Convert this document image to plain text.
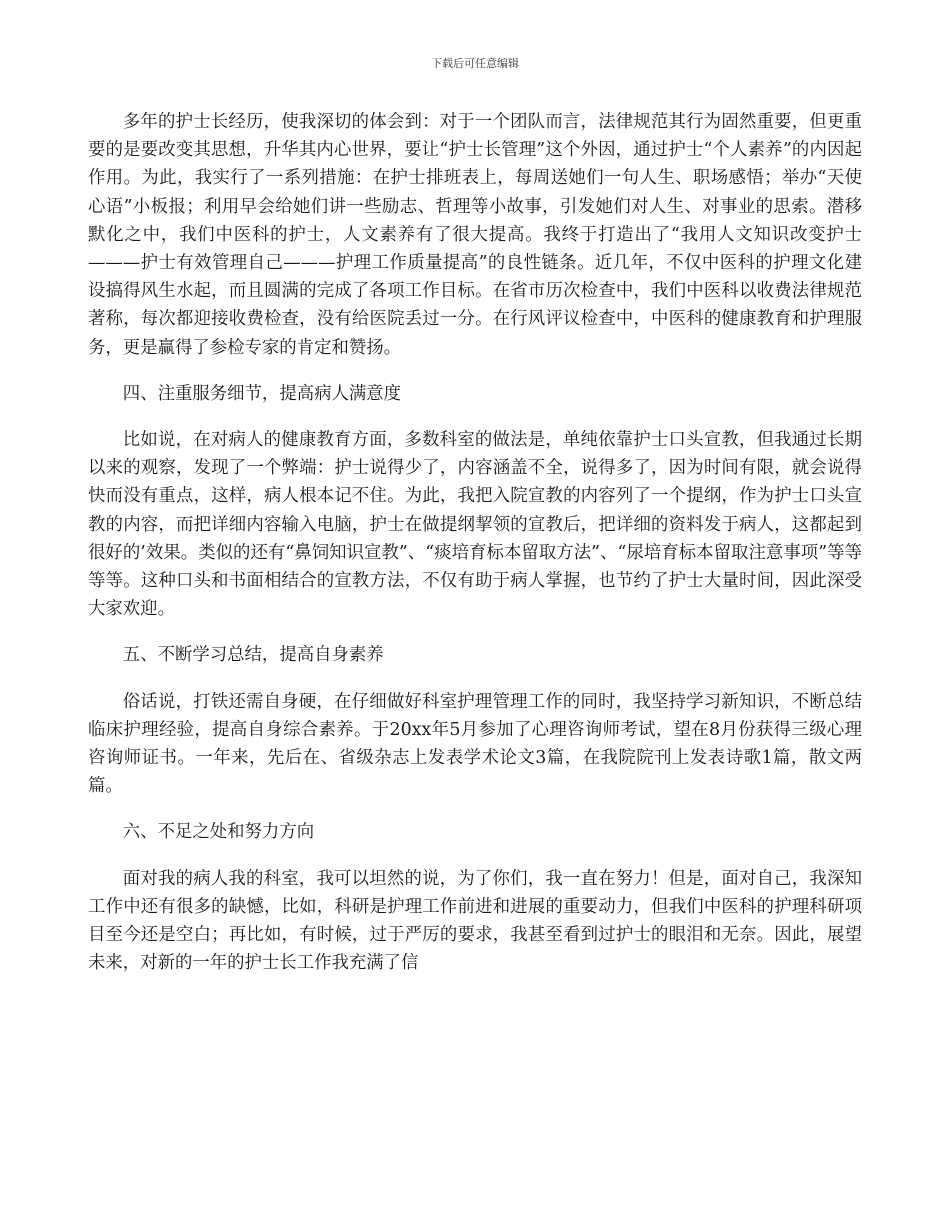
下载后可任意编辑

多年的护士长经历，使我深切的体会到：对于一个团队而言，法律规范其行为固然重要，但更重要的是要改变其思想，升华其内心世界，要让“护士长管理”这个外因，通过护士“个人素养”的内因起作用。为此，我实行了一系列措施：在护士排班表上，每周送她们一句人生、职场感悟；举办“天使心语”小板报；利用早会给她们讲一些励志、哲理等小故事，引发她们对人生、对事业的思索。潜移默化之中，我们中医科的护士，人文素养有了很大提高。我终于打造出了“我用人文知识改变护士———护士有效管理自己———护理工作质量提高”的良性链条。近几年，不仅中医科的护理文化建设搞得风生水起，而且圆满的完成了各项工作目标。在省市历次检查中，我们中医科以收费法律规范著称，每次都迎接收费检查，没有给医院丢过一分。在行风评议检查中，中医科的健康教育和护理服务，更是赢得了参检专家的肯定和赞扬。

四、注重服务细节，提高病人满意度

比如说，在对病人的健康教育方面，多数科室的做法是，单纯依靠护士口头宣教，但我通过长期以来的观察，发现了一个弊端：护士说得少了，内容涵盖不全，说得多了，因为时间有限，就会说得快而没有重点，这样，病人根本记不住。为此，我把入院宣教的内容列了一个提纲，作为护士口头宣教的内容，而把详细内容输入电脑，护士在做提纲挈领的宣教后，把详细的资料发于病人，这都起到很好的’效果。类似的还有“鼻饲知识宣教”、“痰培育标本留取方法”、“尿培育标本留取注意事项”等等等等。这种口头和书面相结合的宣教方法，不仅有助于病人掌握，也节约了护士大量时间，因此深受大家欢迎。

五、不断学习总结，提高自身素养

俗话说，打铁还需自身硬，在仔细做好科室护理管理工作的同时，我坚持学习新知识，不断总结临床护理经验，提高自身综合素养。于20xx年5月参加了心理咨询师考试，望在8月份获得三级心理咨询师证书。一年来，先后在、省级杂志上发表学术论文3篇，在我院院刊上发表诗歌1篇，散文两篇。

六、不足之处和努力方向

面对我的病人我的科室，我可以坦然的说，为了你们，我一直在努力！但是，面对自己，我深知工作中还有很多的缺憾，比如，科研是护理工作前进和进展的重要动力，但我们中医科的护理科研项目至今还是空白；再比如，有时候，过于严厉的要求，我甚至看到过护士的眼泪和无奈。因此，展望未来，对新的一年的护士长工作我充满了信
